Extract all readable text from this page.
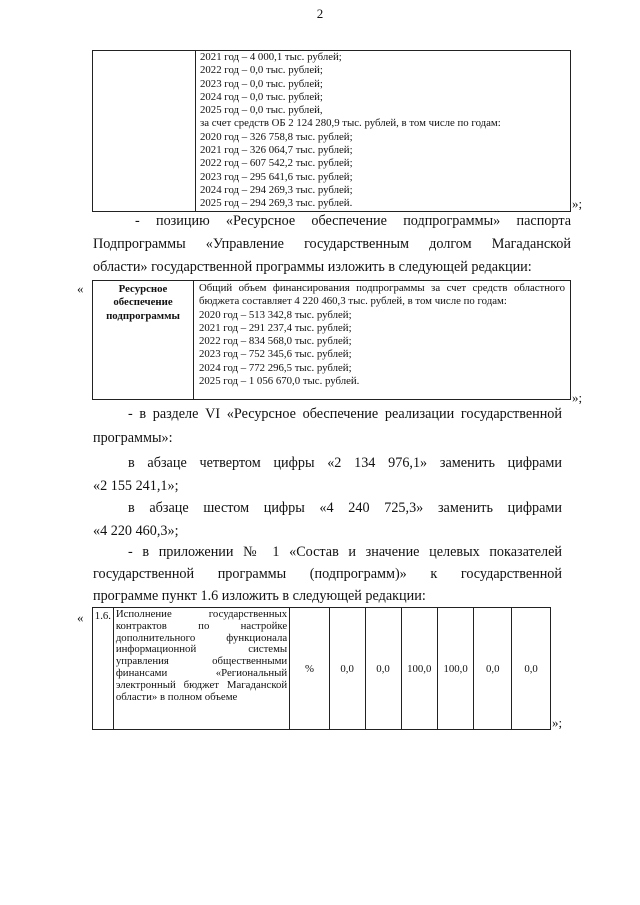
2

2021 год – 4 000,1 тыс. рублей;
2022 год – 0,0 тыс. рублей;
2023 год – 0,0 тыс. рублей;
2024 год – 0,0 тыс. рублей;
2025 год – 0,0 тыс. рублей,
за счет средств ОБ 2 124 280,9 тыс. рублей, в том числе по годам:
2020 год – 326 758,8 тыс. рублей;
2021 год – 326 064,7 тыс. рублей;
2022 год – 607 542,2 тыс. рублей;
2023 год – 295 641,6 тыс. рублей;
2024 год – 294 269,3 тыс. рублей;
2025 год – 294 269,3 тыс. рублей.	»;
- позицию «Ресурсное обеспечение подпрограммы» паспорта
Подпрограммы «Управление государственным долгом Магаданской
области» государственной программы изложить в следующей редакции:
«	Ресурсное обеспечение подпрограммы	
Общий объем финансирования подпрограммы за счет средств областного бюджета составляет 4 220 460,3 тыс. рублей, в том числе по годам:
2020 год – 513 342,8 тыс. рублей;
2021 год – 291 237,4 тыс. рублей;
2022 год – 834 568,0 тыс. рублей;
2023 год – 752 345,6 тыс. рублей;
2024 год – 772 296,5 тыс. рублей;
2025 год – 1 056 670,0 тыс. рублей.
»;
- в разделе VI «Ресурсное обеспечение реализации государственной
программы»:
в абзаце четвертом цифры «2 134 976,1» заменить цифрами
«2 155 241,1»;
в абзаце шестом цифры «4 240 725,3» заменить цифрами
«4 220 460,3»;
- в приложении № 1 «Состав и значение целевых показателей
государственной программы (подпрограмм)» к государственной
программе пункт 1.6 изложить в следующей редакции:
« 1.6.	Исполнение государственных контрактов по настройке дополнительного функционала информационной системы управления общественными финансами «Региональный электронный бюджет Магаданской области» в полном объеме	%	0,0	0,0	100,0	100,0	0,0	0,0
»;
